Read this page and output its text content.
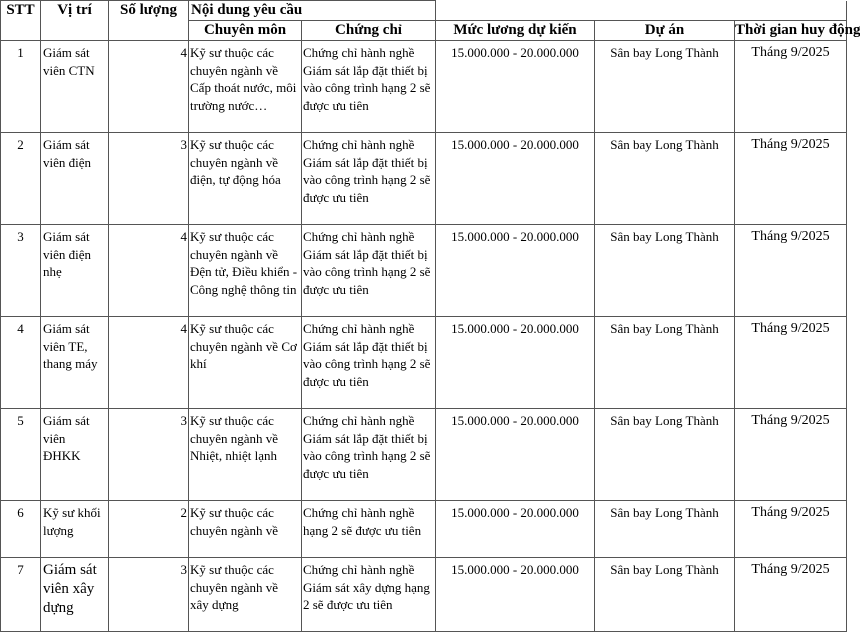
STT	Vị trí	Số lượng	Nội dung yêu cầu				
			Chuyên môn	Chứng chỉ	Mức lương dự kiến	Dự án	Thời gian huy động
1	Giám sát viên CTN	4	Kỹ sư thuộc các chuyên ngành về Cấp thoát nước, môi trường nước…	Chứng chỉ hành nghề Giám sát lắp đặt thiết bị vào công trình hạng 2 sẽ được ưu tiên	15.000.000 - 20.000.000	Sân bay Long Thành	Tháng 9/2025
2	Giám sát viên điện	3	Kỹ sư thuộc các chuyên ngành về điện, tự động hóa	Chứng chỉ hành nghề Giám sát lắp đặt thiết bị vào công trình hạng 2 sẽ được ưu tiên	15.000.000 - 20.000.000	Sân bay Long Thành	Tháng 9/2025
3	Giám sát viên điện nhẹ	4	Kỹ sư thuộc các chuyên ngành về Đện tử, Điều khiển - Công nghệ thông tin	Chứng chỉ hành nghề Giám sát lắp đặt thiết bị vào công trình hạng 2 sẽ được ưu tiên	15.000.000 - 20.000.000	Sân bay Long Thành	Tháng 9/2025
4	Giám sát viên TE, thang máy	4	Kỹ sư thuộc các chuyên ngành về Cơ khí	Chứng chỉ hành nghề Giám sát lắp đặt thiết bị vào công trình hạng 2 sẽ được ưu tiên	15.000.000 - 20.000.000	Sân bay Long Thành	Tháng 9/2025
5	Giám sát viên ĐHKK	3	Kỹ sư thuộc các chuyên ngành về Nhiệt, nhiệt lạnh	Chứng chỉ hành nghề Giám sát lắp đặt thiết bị vào công trình hạng 2 sẽ được ưu tiên	15.000.000 - 20.000.000	Sân bay Long Thành	Tháng 9/2025
6	Kỹ sư khối lượng	2	Kỹ sư thuộc các chuyên ngành về	Chứng chỉ hành nghề hạng 2 sẽ được ưu tiên	15.000.000 - 20.000.000	Sân bay Long Thành	Tháng 9/2025
7	Giám sát viên xây dựng	3	Kỹ sư thuộc các chuyên ngành về xây dựng	Chứng chỉ hành nghề Giám sát xây dựng hạng 2 sẽ được ưu tiên	15.000.000 - 20.000.000	Sân bay Long Thành	Tháng 9/2025
